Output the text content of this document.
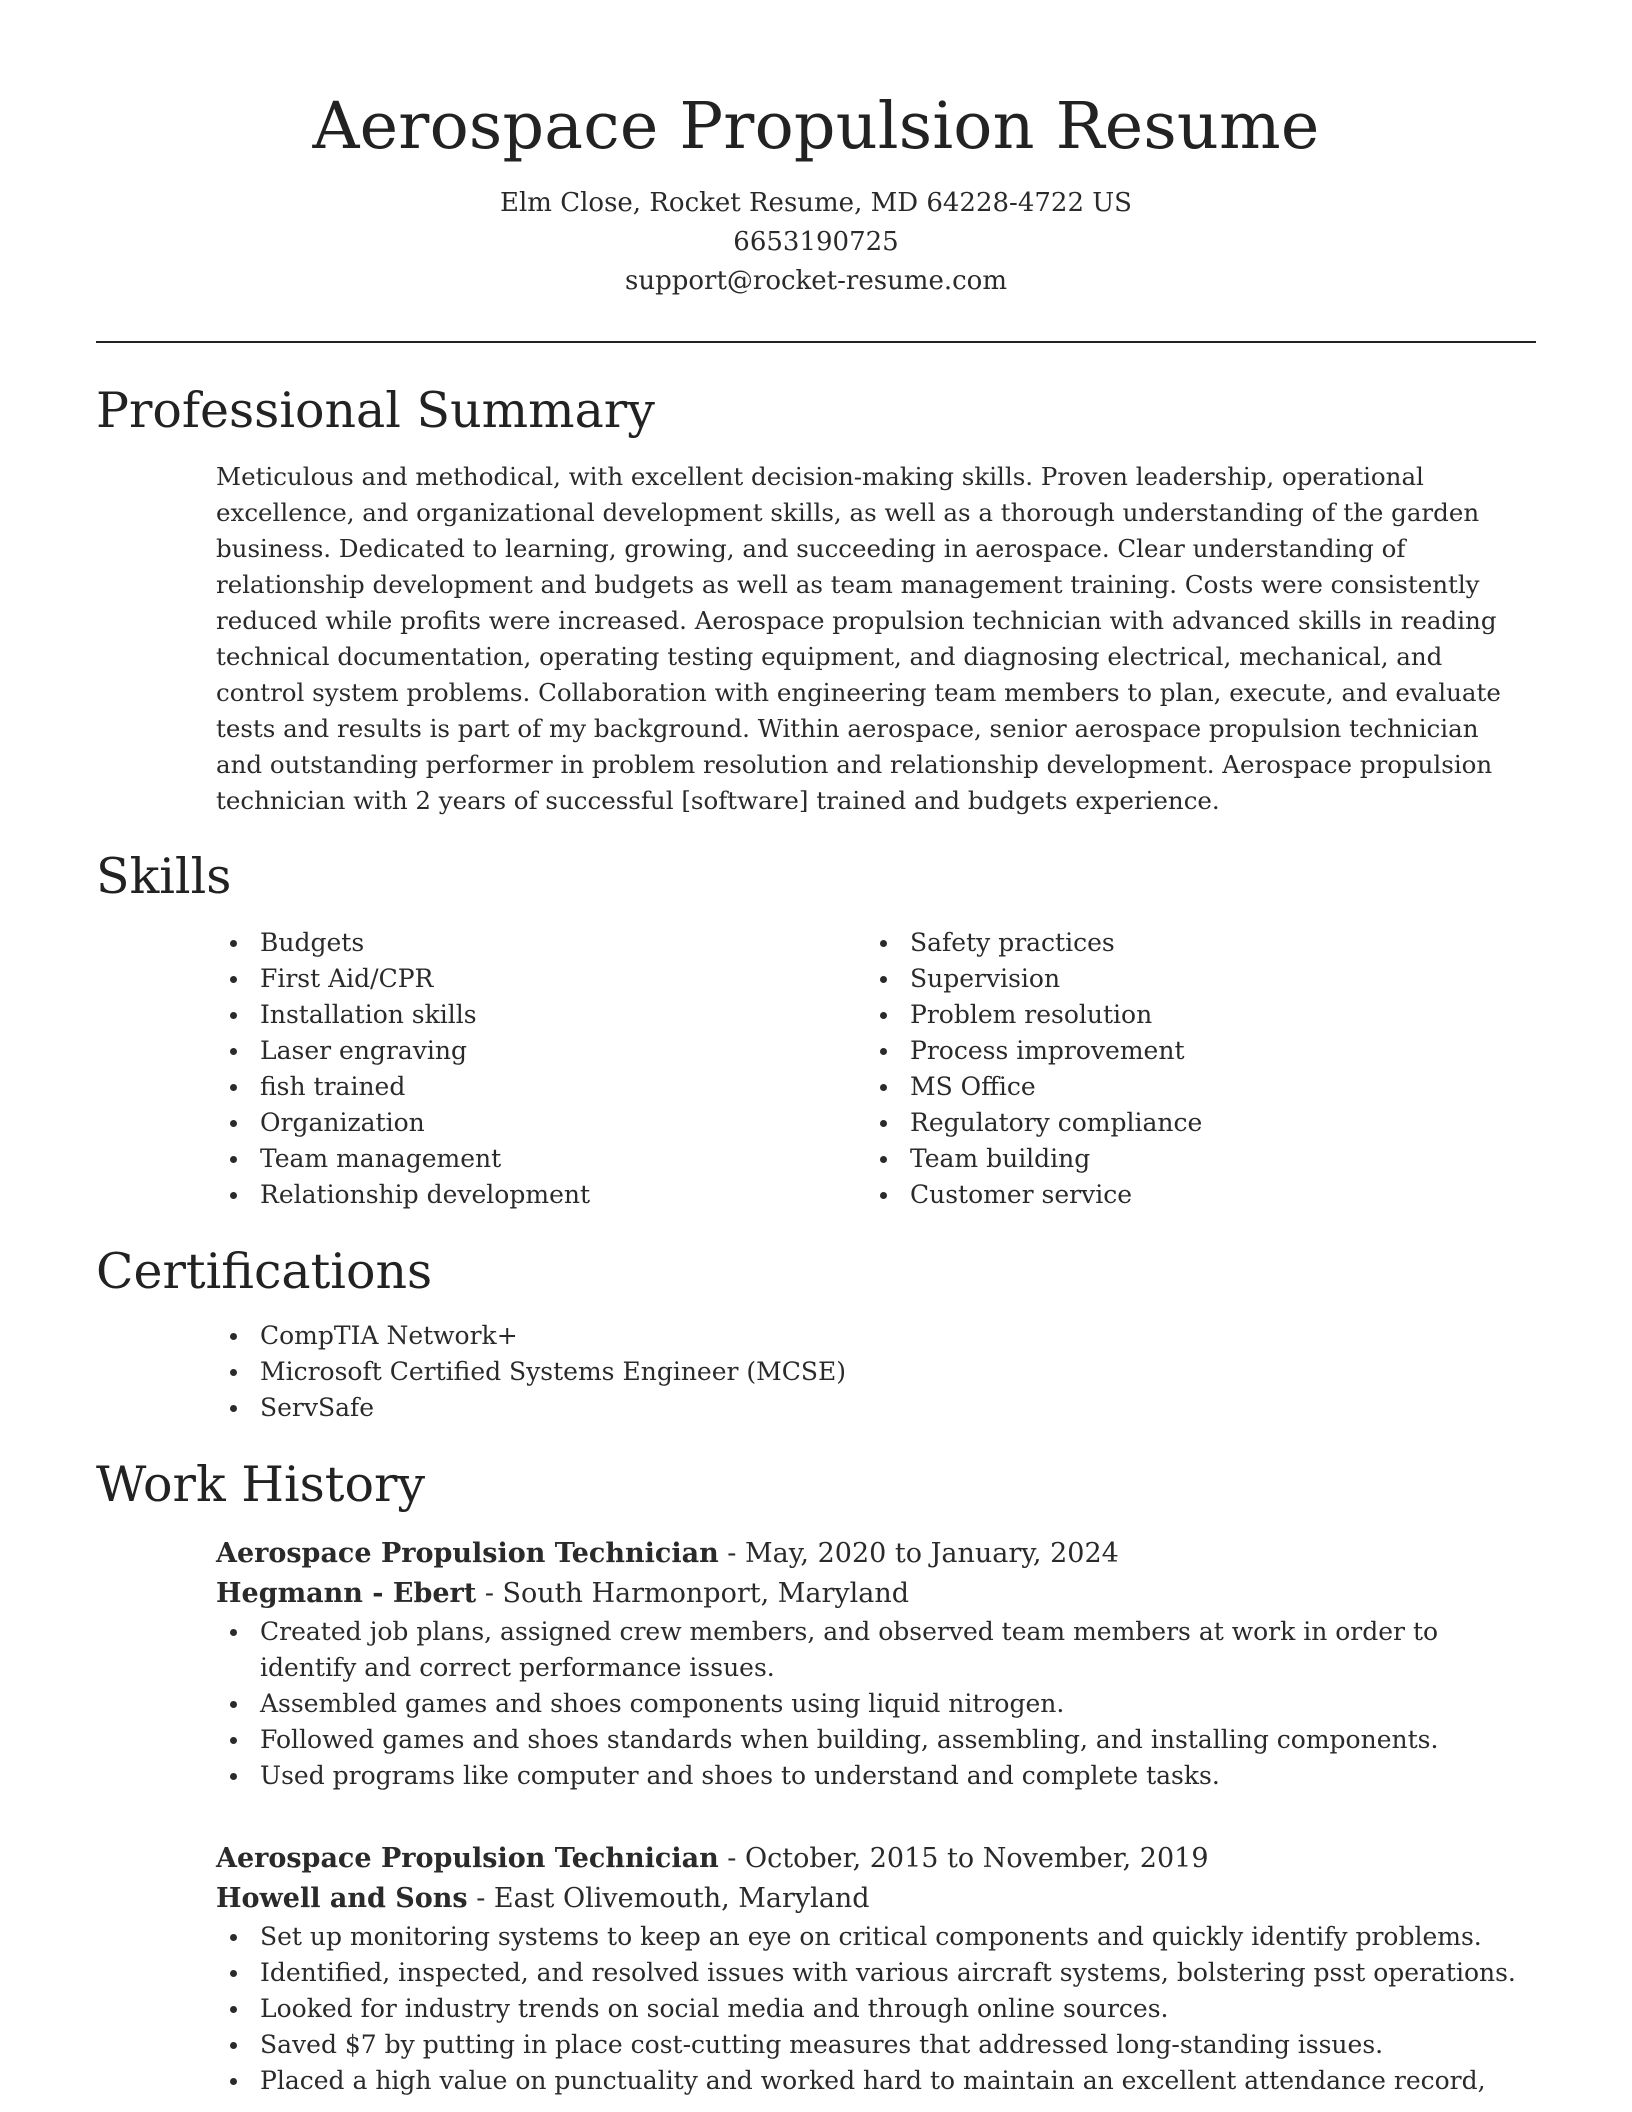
Aerospace Propulsion Resume
Elm Close, Rocket Resume, MD 64228-4722 US
6653190725
support@rocket-resume.com
Professional Summary

Meticulous and methodical, with excellent decision-making skills. Proven leadership, operational excellence, and organizational development skills, as well as a thorough understanding of the garden business. Dedicated to learning, growing, and succeeding in aerospace. Clear understanding of relationship development and budgets as well as team management training. Costs were consistently reduced while profits were increased. Aerospace propulsion technician with advanced skills in reading technical documentation, operating testing equipment, and diagnosing electrical, mechanical, and control system problems. Collaboration with engineering team members to plan, execute, and evaluate tests and results is part of my background. Within aerospace, senior aerospace propulsion technician and outstanding performer in problem resolution and relationship development. Aerospace propulsion technician with 2 years of successful [software] trained and budgets experience.

Skills
Budgets
First Aid/CPR
Installation skills
Laser engraving
fish trained
Organization
Team management
Relationship development
Safety practices
Supervision
Problem resolution
Process improvement
MS Office
Regulatory compliance
Team building
Customer service
Certifications
CompTIA Network+
Microsoft Certified Systems Engineer (MCSE)
ServSafe
Work History

Aerospace Propulsion Technician - May, 2020 to January, 2024

Hegmann - Ebert - South Harmonport, Maryland

Created job plans, assigned crew members, and observed team members at work in order to identify and correct performance issues.
Assembled games and shoes components using liquid nitrogen.
Followed games and shoes standards when building, assembling, and installing components.
Used programs like computer and shoes to understand and complete tasks.

Aerospace Propulsion Technician - October, 2015 to November, 2019

Howell and Sons - East Olivemouth, Maryland

Set up monitoring systems to keep an eye on critical components and quickly identify problems.
Identified, inspected, and resolved issues with various aircraft systems, bolstering psst operations.
Looked for industry trends on social media and through online sources.
Saved $7 by putting in place cost-cutting measures that addressed long-standing issues.
Placed a high value on punctuality and worked hard to maintain an excellent attendance record,
